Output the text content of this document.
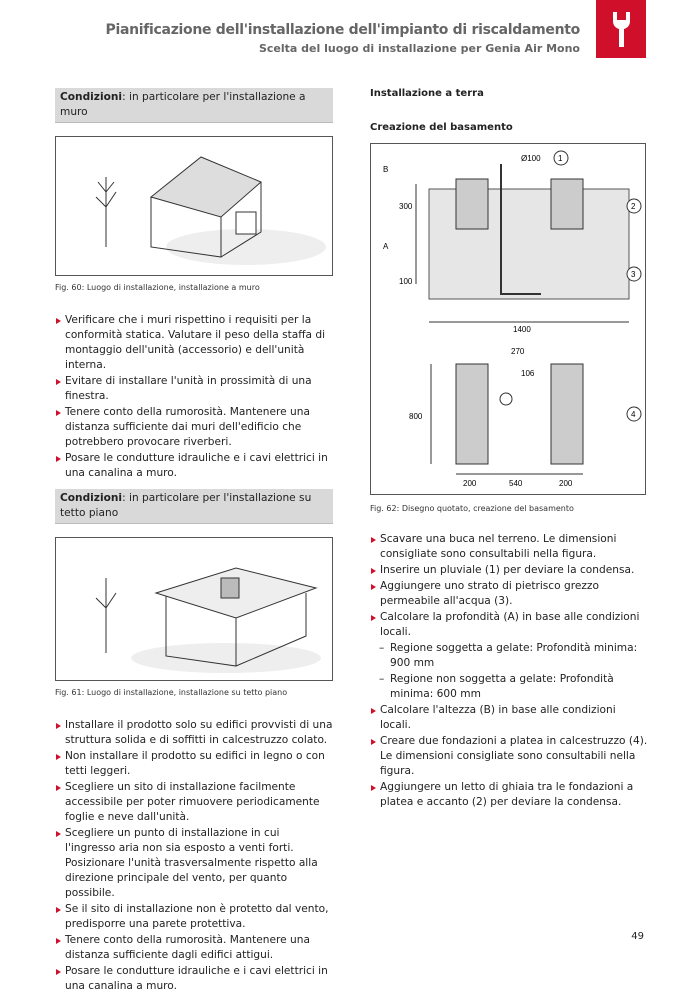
Pianificazione dell'installazione dell'impianto di riscaldamento
Scelta del luogo di installazione per Genia Air Mono
Condizioni: in particolare per l'installazione a muro
Fig. 60: Luogo di installazione, installazione a muro
Verificare che i muri rispettino i requisiti per la conformità statica. Valutare il peso della staffa di montaggio dell'unità (accessorio) e dell'unità interna.
Evitare di installare l'unità in prossimità di una finestra.
Tenere conto della rumorosità. Mantenere una distanza sufficiente dai muri dell'edificio che potrebbero provocare riverberi.
Posare le condutture idrauliche e i cavi elettrici in una canalina a muro.
Condizioni: in particolare per l'installazione su tetto piano
Fig. 61: Luogo di installazione, installazione su tetto piano
Installare il prodotto solo su edifici provvisti di una struttura solida e di soffitti in calcestruzzo colato.
Non installare il prodotto su edifici in legno o con tetti leggeri.
Scegliere un sito di installazione facilmente accessibile per poter rimuovere periodicamente foglie e neve dall'unità.
Scegliere un punto di installazione in cui l'ingresso aria non sia esposto a venti forti. Posizionare l'unità trasversalmente rispetto alla direzione principale del vento, per quanto possibile.
Se il sito di installazione non è protetto dal vento, predisporre una parete protettiva.
Tenere conto della rumorosità. Mantenere una distanza sufficiente dagli edifici attigui.
Posare le condutture idrauliche e i cavi elettrici in una canalina a muro.
Installazione a terra
Creazione del basamento
Ø100 1
2
3
4
B
A
300
100
1400
270
106
800
200	540	200
Fig. 62: Disegno quotato, creazione del basamento
Scavare una buca nel terreno. Le dimensioni consigliate sono consultabili nella figura.
Inserire un pluviale (1) per deviare la condensa.
Aggiungere uno strato di pietrisco grezzo permeabile all'acqua (3).
Calcolare la profondità (A) in base alle condizioni locali.
– Regione soggetta a gelate: Profondità minima: 900 mm
– Regione non soggetta a gelate: Profondità minima: 600 mm
Calcolare l'altezza (B) in base alle condizioni locali.
Creare due fondazioni a platea in calcestruzzo (4). Le dimensioni consigliate sono consultabili nella figura.
Aggiungere un letto di ghiaia tra le fondazioni a platea e accanto (2) per deviare la condensa.
49
